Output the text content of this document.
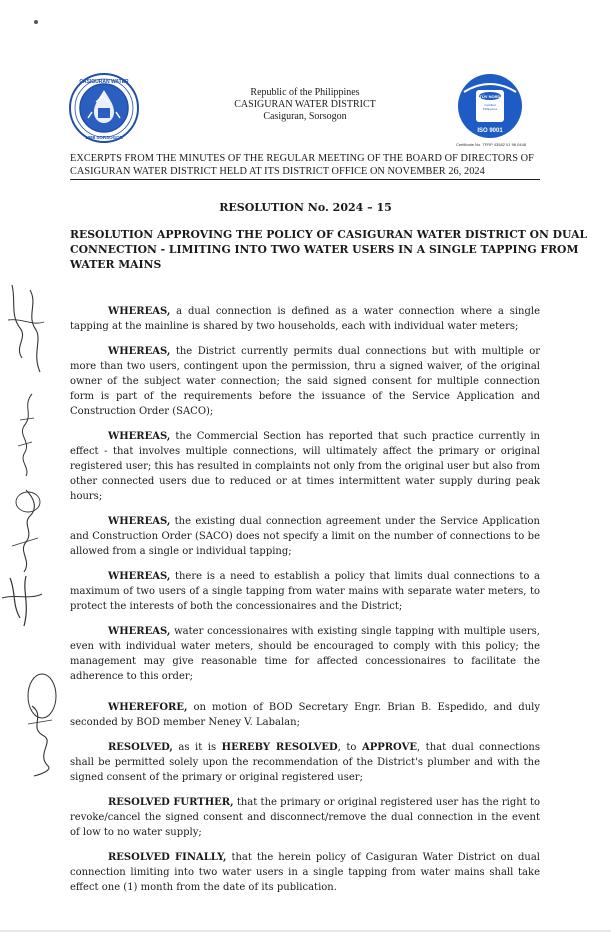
CASIGURAN WATER
1988 SORSOGON
Republic of the Philippines
CASIGURAN WATER DISTRICT
Casiguran, Sorsogon
TÜV NORD
Certified
Philippines
ISO 9001
Certificate No. TFRP 43582 01 96 0448
EXCERPTS FROM THE MINUTES OF THE REGULAR MEETING OF THE BOARD OF DIRECTORS OF
CASIGURAN WATER DISTRICT HELD AT ITS DISTRICT OFFICE ON NOVEMBER 26, 2024
RESOLUTION No. 2024 – 15
RESOLUTION APPROVING THE POLICY OF CASIGURAN WATER DISTRICT ON DUAL
CONNECTION - LIMITING INTO TWO WATER USERS IN A SINGLE TAPPING FROM
WATER MAINS

WHEREAS, a dual connection is defined as a water connection where a single tapping at the mainline is shared by two households, each with individual water meters;

WHEREAS, the District currently permits dual connections but with multiple or more than two users, contingent upon the permission, thru a signed waiver, of the original owner of the subject water connection; the said signed consent for multiple connection form is part of the requirements before the issuance of the Service Application and Construction Order (SACO);

WHEREAS, the Commercial Section has reported that such practice currently in effect - that involves multiple connections, will ultimately affect the primary or original registered user; this has resulted in complaints not only from the original user but also from other connected users due to reduced or at times intermittent water supply during peak hours;

WHEREAS, the existing dual connection agreement under the Service Application and Construction Order (SACO) does not specify a limit on the number of connections to be allowed from a single or individual tapping;

WHEREAS, there is a need to establish a policy that limits dual connections to a maximum of two users of a single tapping from water mains with separate water meters, to protect the interests of both the concessionaires and the District;

WHEREAS, water concessionaires with existing single tapping with multiple users, even with individual water meters, should be encouraged to comply with this policy; the management may give reasonable time for affected concessionaires to facilitate the adherence to this order;

WHEREFORE, on motion of BOD Secretary Engr. Brian B. Espedido, and duly seconded by BOD member Neney V. Labalan;

RESOLVED, as it is HEREBY RESOLVED, to APPROVE, that dual connections shall be permitted solely upon the recommendation of the District's plumber and with the signed consent of the primary or original registered user;

RESOLVED FURTHER, that the primary or original registered user has the right to revoke/cancel the signed consent and disconnect/remove the dual connection in the event of low to no water supply;

RESOLVED FINALLY, that the herein policy of Casiguran Water District on dual connection limiting into two water users in a single tapping from water mains shall take effect one (1) month from the date of its publication.
